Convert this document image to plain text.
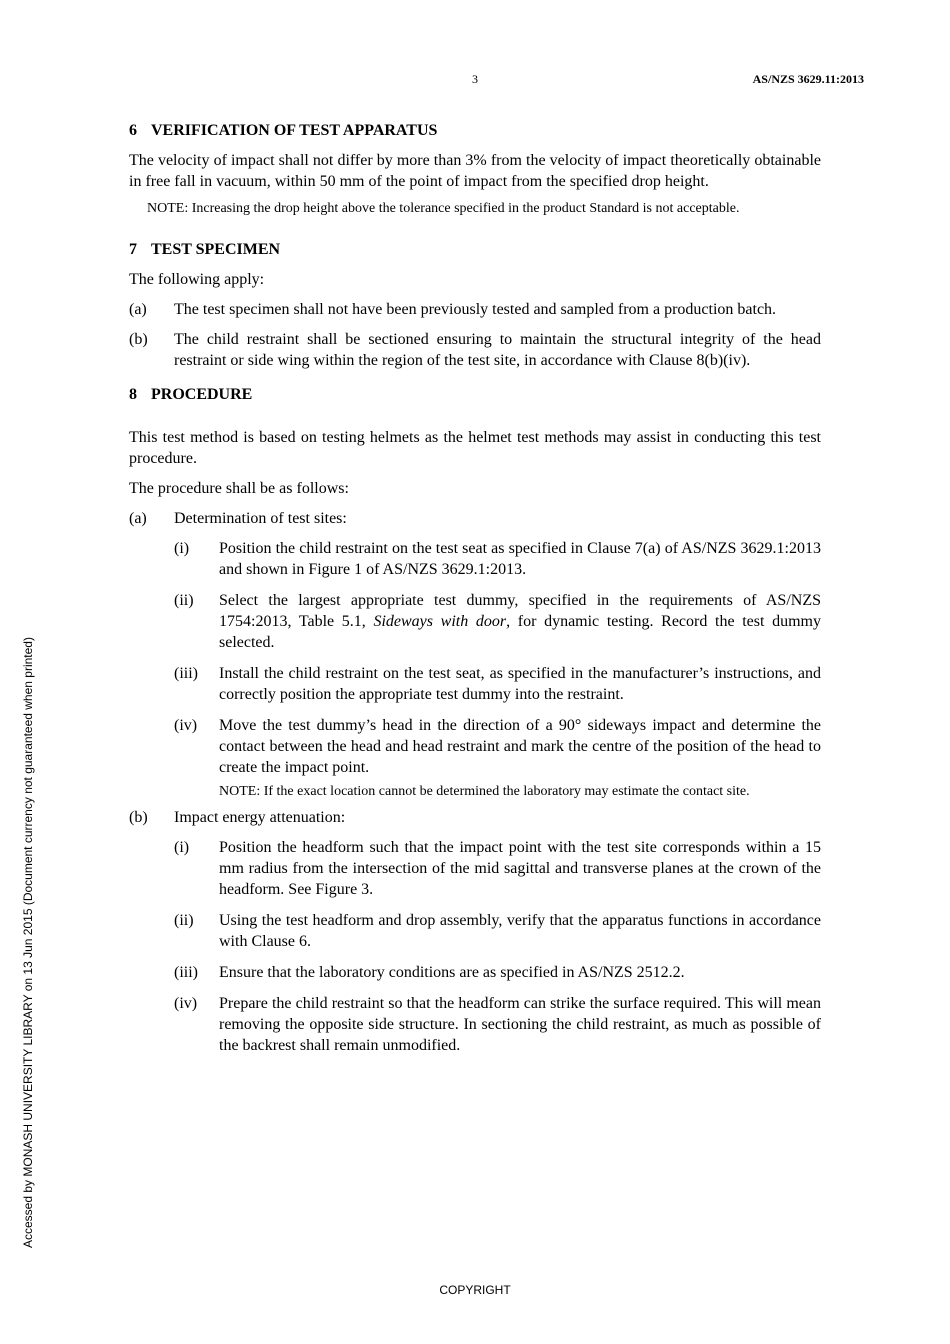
3	AS/NZS 3629.11:2013
Accessed by MONASH UNIVERSITY LIBRARY on 13 Jun 2015 (Document currency not guaranteed when printed)
6 VERIFICATION OF TEST APPARATUS

The velocity of impact shall not differ by more than 3% from the velocity of impact theoretically obtainable in free fall in vacuum, within 50 mm of the point of impact from the specified drop height.

NOTE: Increasing the drop height above the tolerance specified in the product Standard is not acceptable.
7 TEST SPECIMEN

The following apply:

(a)	The test specimen shall not have been previously tested and sampled from a production batch.
(b)	The child restraint shall be sectioned ensuring to maintain the structural integrity of the head restraint or side wing within the region of the test site, in accordance with Clause 8(b)(iv).
8 PROCEDURE

This test method is based on testing helmets as the helmet test methods may assist in conducting this test procedure.

The procedure shall be as follows:

(a)	Determination of test sites:
(i)	Position the child restraint on the test seat as specified in Clause 7(a) of AS/NZS 3629.1:2013 and shown in Figure 1 of AS/NZS 3629.1:2013.
(ii)	Select the largest appropriate test dummy, specified in the requirements of AS/NZS 1754:2013, Table 5.1, Sideways with door, for dynamic testing. Record the test dummy selected.
(iii)	Install the child restraint on the test seat, as specified in the manufacturer’s instructions, and correctly position the appropriate test dummy into the restraint.
(iv)	Move the test dummy’s head in the direction of a 90° sideways impact and determine the contact between the head and head restraint and mark the centre of the position of the head to create the impact point.
NOTE: If the exact location cannot be determined the laboratory may estimate the contact site.
(b)	Impact energy attenuation:
(i)	Position the headform such that the impact point with the test site corresponds within a 15 mm radius from the intersection of the mid sagittal and transverse planes at the crown of the headform. See Figure 3.
(ii)	Using the test headform and drop assembly, verify that the apparatus functions in accordance with Clause 6.
(iii)	Ensure that the laboratory conditions are as specified in AS/NZS 2512.2.
(iv)	Prepare the child restraint so that the headform can strike the surface required. This will mean removing the opposite side structure. In sectioning the child restraint, as much as possible of the backrest shall remain unmodified.
COPYRIGHT
